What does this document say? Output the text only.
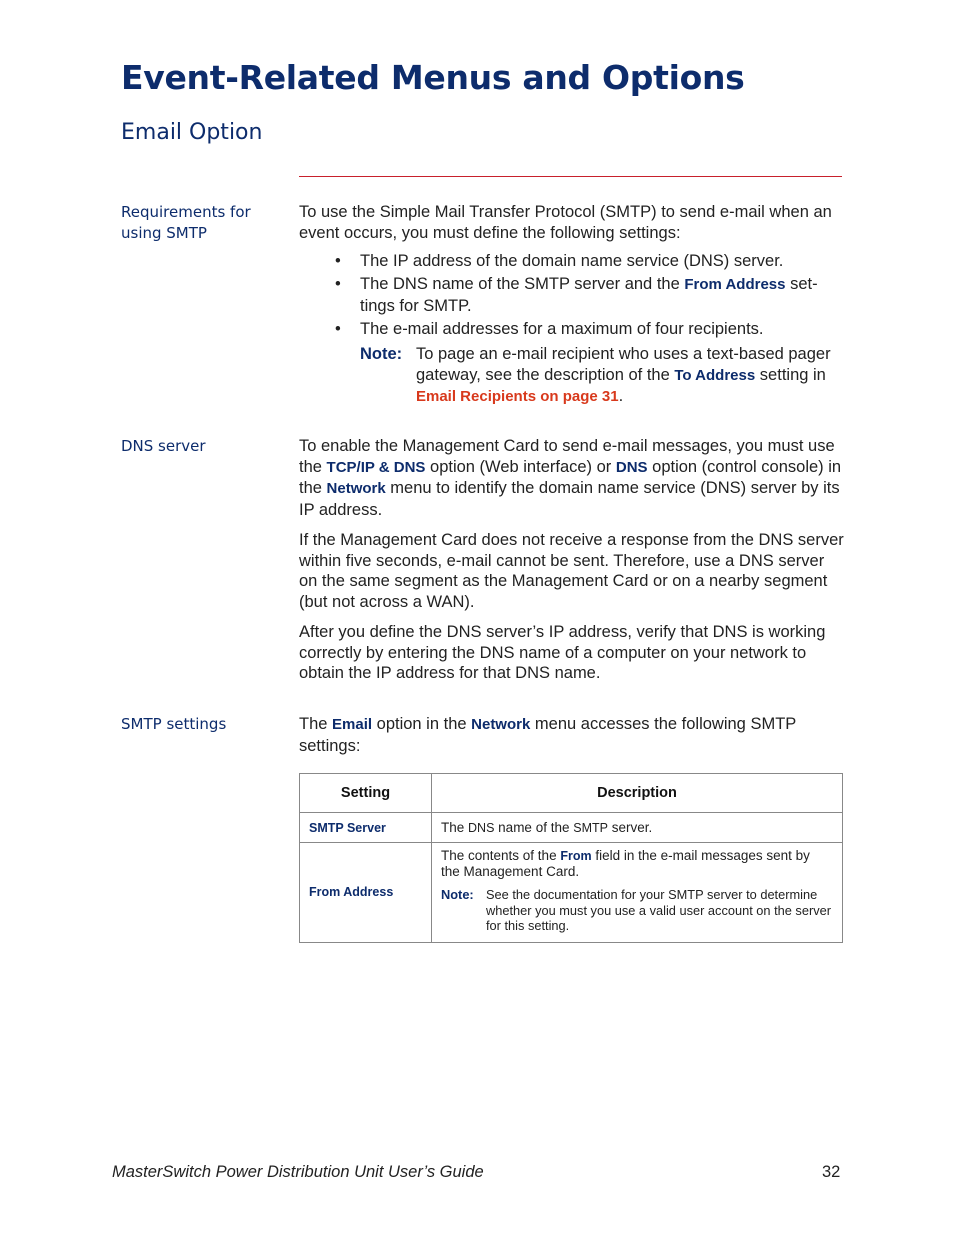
Event-Related Menus and Options
Email Option
Requirements for
using SMTP
To use the Simple Mail Transfer Protocol (SMTP) to send e-mail when an event occurs, you must define the following settings:
• The IP address of the domain name service (DNS) server.
• The DNS name of the SMTP server and the From Address set-tings for SMTP.
• The e-mail addresses for a maximum of four recipients.
Note: To page an e-mail recipient who uses a text-based pager gateway, see the description of the To Address setting in Email Recipients on page 31.
DNS server	To enable the Management Card to send e-mail messages, you must use the TCP/IP & DNS option (Web interface) or DNS option (control console) in the Network menu to identify the domain name service (DNS) server by its IP address.

If the Management Card does not receive a response from the DNS server within five seconds, e-mail cannot be sent. Therefore, use a DNS server on the same segment as the Management Card or on a nearby segment (but not across a WAN).

After you define the DNS server’s IP address, verify that DNS is working correctly by entering the DNS name of a computer on your network to obtain the IP address for that DNS name.

SMTP settings	The Email option in the Network menu accesses the following SMTP settings:

Setting	Description
SMTP Server	The DNS name of the SMTP server.
From Address	The contents of the From field in the e-mail messages sent by the Management Card.
Note: See the documentation for your SMTP server to determine whether you must you use a valid user account on the server for this setting.
MasterSwitch Power Distribution Unit User’s Guide	32
